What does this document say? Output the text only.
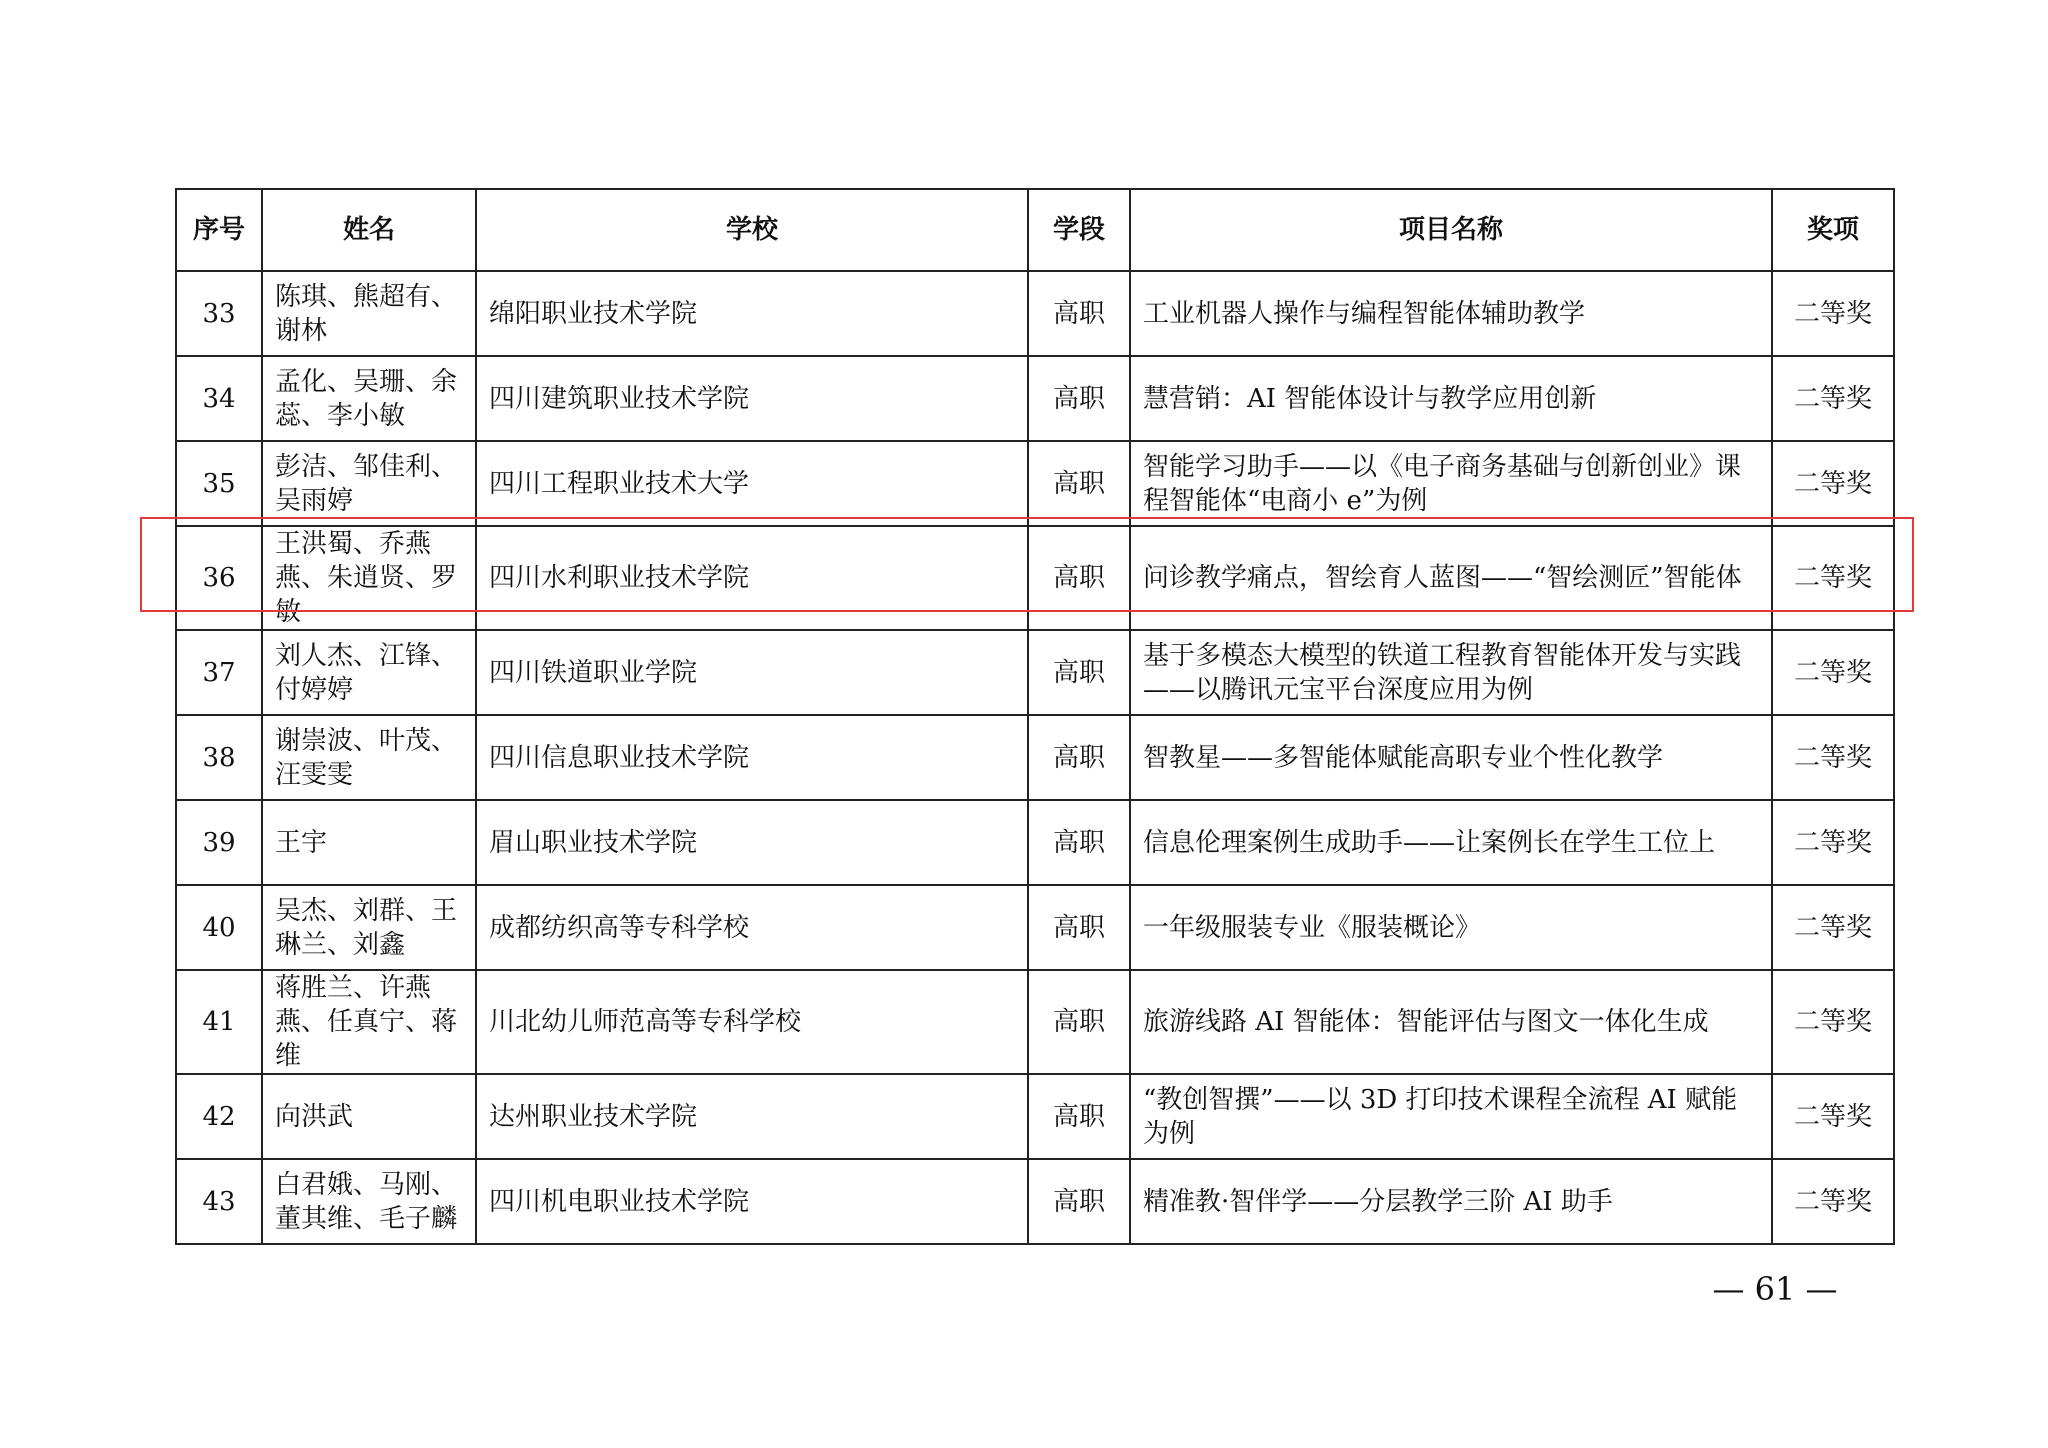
序号	姓名	学校	学段	项目名称	奖项
33	陈琪、熊超有、谢林	绵阳职业技术学院	高职	工业机器人操作与编程智能体辅助教学	二等奖
34	孟化、吴珊、余蕊、李小敏	四川建筑职业技术学院	高职	慧营销：AI 智能体设计与教学应用创新	二等奖
35	彭洁、邹佳利、吴雨婷	四川工程职业技术大学	高职	智能学习助手——以《电子商务基础与创新创业》课程智能体“电商小 e”为例	二等奖
36	王洪蜀、乔燕燕、朱逍贤、罗敏	四川水利职业技术学院	高职	问诊教学痛点，智绘育人蓝图——“智绘测匠”智能体	二等奖
37	刘人杰、江锋、付婷婷	四川铁道职业学院	高职	基于多模态大模型的铁道工程教育智能体开发与实践——以腾讯元宝平台深度应用为例	二等奖
38	谢崇波、叶茂、汪雯雯	四川信息职业技术学院	高职	智教星——多智能体赋能高职专业个性化教学	二等奖
39	王宇	眉山职业技术学院	高职	信息伦理案例生成助手——让案例长在学生工位上	二等奖
40	吴杰、刘群、王琳兰、刘鑫	成都纺织高等专科学校	高职	一年级服装专业《服装概论》	二等奖
41	蒋胜兰、许燕燕、任真宁、蒋维	川北幼儿师范高等专科学校	高职	旅游线路 AI 智能体：智能评估与图文一体化生成	二等奖
42	向洪武	达州职业技术学院	高职	“教创智撰”——以 3D 打印技术课程全流程 AI 赋能为例	二等奖
43	白君娥、马刚、董其维、毛子麟	四川机电职业技术学院	高职	精准教·智伴学——分层教学三阶 AI 助手	二等奖
— 61 —
